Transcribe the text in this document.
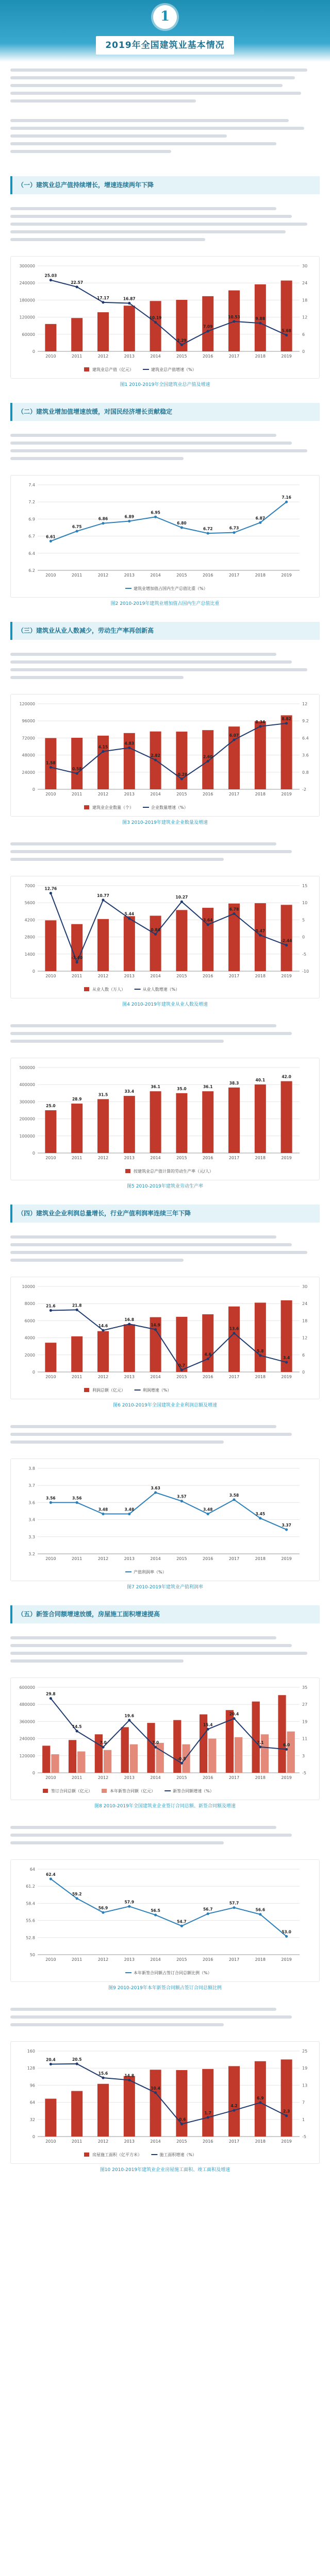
1
2019年全国建筑业基本情况
（一）建筑业总产值持续增长，增速连续两年下降
0	0
60000	6
120000	12
180000	18
240000	24
300000	30
2010	2011	2012	2013	2014	2015	2016	2017	2018	2019
25.03
22.57
17.17	16.87
10.19
2.29
7.09
10.53	9.88
5.68
建筑业总产值（亿元）	建筑业总产值增速（%）
图1 2010-2019年全国建筑业总产值及增速
（二）建筑业增加值增速放缓，对国民经济增长贡献稳定
6.2
6.4
6.7
6.9
7.2
7.4
2010	2011	2012	2013	2014	2015	2016	2017	2018	2019
6.61
6.75
6.86	6.89
6.95
6.80
6.72	6.73
6.87
7.16
建筑业增加值占国内生产总值比重（%）
图2 2010-2019年建筑业增加值占国内生产总值比重
（三）建筑业从业人数减少，劳动生产率再创新高
0	-2
24000	0.8
48000	3.6
72000	6.4
96000	9.2
120000	12
2010	2011	2012	2013	2014	2015	2016	2017	2018	2019
1.58
0.58
4.15
4.83
2.82
-0.28
2.60
6.07
8.34
8.82
建筑业企业数量（个）	企业数量增速（%）
图3 2010-2019年建筑业企业数量及增速
0	-10
1400	-5
2800	0
4200	5
5600	10
7000	15
2010	2011	2012	2013	2014	2015	2016	2017	2018	2019
12.76
-7.40
10.77
5.44
0.84
10.27
3.64
6.78
0.47
-2.44
从业人数（万人）	从业人数增速（%）
图4 2010-2019年建筑业从业人数及增速
0
100000
200000
300000
400000
500000
2010	2011	2012	2013	2014	2015	2016	2017	2018	2019
25.0
28.9
31.5
33.4
36.1	35.0	36.1
38.3
40.1
42.0
按建筑业总产值计算的劳动生产率（元/人）
图5 2010-2019年建筑业劳动生产率
（四）建筑业企业利润总量增长，行业产值利润率连续三年下降
0	0
2000	6
4000	12
6000	18
8000	24
10000	30
2010	2011	2012	2013	2014	2015	2016	2017	2018	2019
21.6	21.8
14.6
16.8
14.9
0.7
4.6
13.6
5.8
3.4
利润总额（亿元）	利润增速（%）
图6 2010-2019年全国建筑业企业利润总额及增速
3.2
3.3
3.4
3.6
3.7
3.8
2010	2011	2012	2013	2014	2015	2016	2017	2018	2019
3.56	3.56
3.48	3.48
3.63
3.57
3.48
3.58
3.45
3.37
产值利润率（%）
图7 2010-2019年建筑业产值利润率
（五）新签合同额增速放缓，房屋施工面积增速提高
0	-5
120000	3
240000	11
360000	19
480000	27
600000	35
2010	2011	2012	2013	2014	2015	2016	2017	2018	2019
29.8
14.5
7.0
19.6
7.0
-0.5
15.4
20.4
7.1
6.0
签订合同总额（亿元）	本年新签合同额（亿元）	新签合同额增速（%）
图8 2010-2019年全国建筑业企业签订合同总额、新签合同额及增速
50
52.8
55.6
58.4
61.2
64
2010	2011	2012	2013	2014	2015	2016	2017	2018	2019
62.4
59.2
56.9
57.9
56.5
54.7
56.7
57.7
56.6
53.0
本年新签合同额占签订合同总额比例（%）
图9 2010-2019年本年新签合同额占签订合同总额比例
0	-5
32	1
64	7
96	13
128	19
160	25
2010	2011	2012	2013	2014	2015	2016	2017	2018	2019
20.4	20.5
15.6	14.8
10.4
-0.6
1.7
4.2
6.9
2.3
房屋施工面积（亿平方米）	施工面积增速（%）
图10 2010-2019年建筑业企业房屋施工面积、竣工面积及增速
